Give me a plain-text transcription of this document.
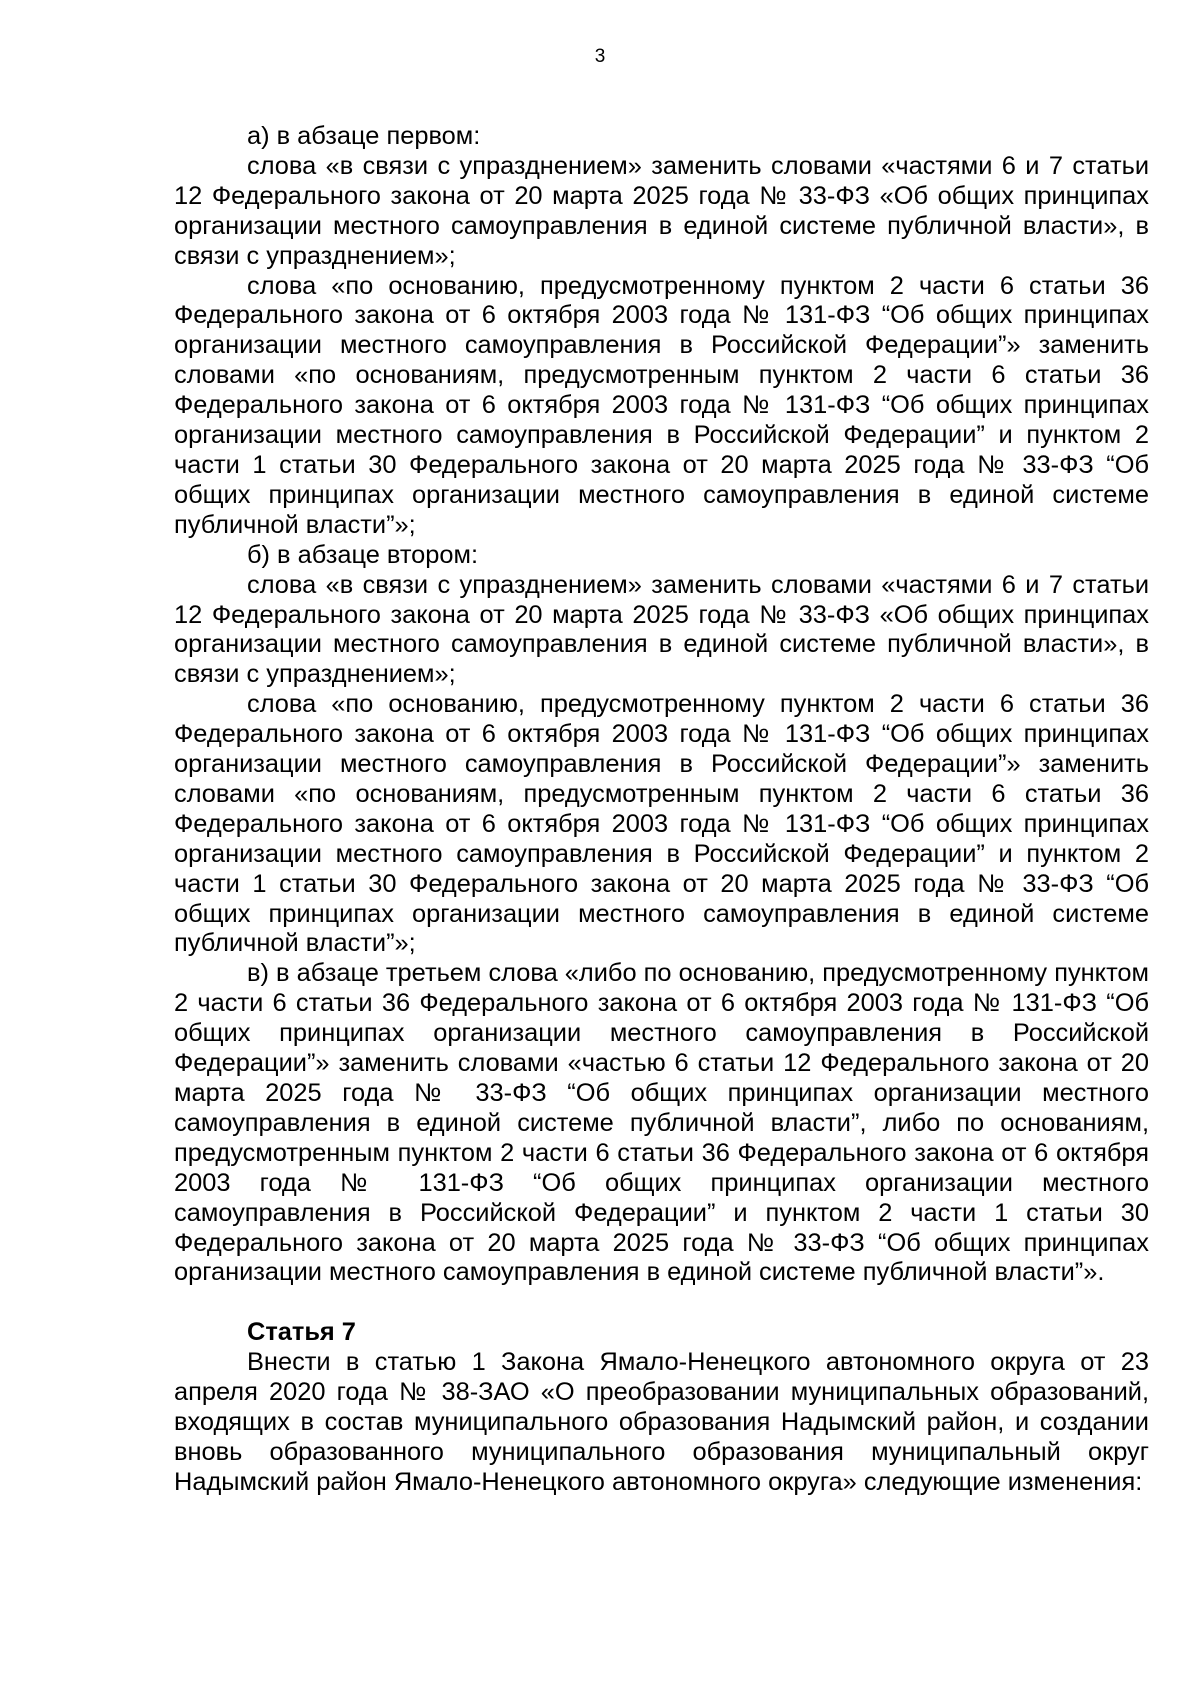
3

а) в абзаце первом:

слова «в связи с упразднением» заменить словами «частями 6 и 7 статьи 12 Федерального закона от 20 марта 2025 года № 33-ФЗ «Об общих принципах организации местного самоуправления в единой системе публичной власти», в связи с упразднением»;

слова «по основанию, предусмотренному пунктом 2 части 6 статьи 36 Федерального закона от 6 октября 2003 года № 131-ФЗ “Об общих принципах организации местного самоуправления в Российской Федерации”» заменить словами «по основаниям, предусмотренным пунктом 2 части 6 статьи 36 Федерального закона от 6 октября 2003 года № 131-ФЗ “Об общих принципах организации местного самоуправления в Российской Федерации” и пунктом 2 части 1 статьи 30 Федерального закона от 20 марта 2025 года № 33-ФЗ “Об общих принципах организации местного самоуправления в единой системе публичной власти”»;

б) в абзаце втором:

слова «в связи с упразднением» заменить словами «частями 6 и 7 статьи 12 Федерального закона от 20 марта 2025 года № 33-ФЗ «Об общих принципах организации местного самоуправления в единой системе публичной власти», в связи с упразднением»;

слова «по основанию, предусмотренному пунктом 2 части 6 статьи 36 Федерального закона от 6 октября 2003 года № 131-ФЗ “Об общих принципах организации местного самоуправления в Российской Федерации”» заменить словами «по основаниям, предусмотренным пунктом 2 части 6 статьи 36 Федерального закона от 6 октября 2003 года № 131-ФЗ “Об общих принципах организации местного самоуправления в Российской Федерации” и пунктом 2 части 1 статьи 30 Федерального закона от 20 марта 2025 года № 33-ФЗ “Об общих принципах организации местного самоуправления в единой системе публичной власти”»;

в) в абзаце третьем слова «либо по основанию, предусмотренному пунктом 2 части 6 статьи 36 Федерального закона от 6 октября 2003 года № 131-ФЗ “Об общих принципах организации местного самоуправления в Российской Федерации”» заменить словами «частью 6 статьи 12 Федерального закона от 20 марта 2025 года № 33-ФЗ “Об общих принципах организации местного самоуправления в единой системе публичной власти”, либо по основаниям, предусмотренным пунктом 2 части 6 статьи 36 Федерального закона от 6 октября 2003 года № 131-ФЗ “Об общих принципах организации местного самоуправления в Российской Федерации” и пунктом 2 части 1 статьи 30 Федерального закона от 20 марта 2025 года № 33-ФЗ “Об общих принципах организации местного самоуправления в единой системе публичной власти”».

Статья 7

Внести в статью 1 Закона Ямало-Ненецкого автономного округа от 23 апреля 2020 года № 38-ЗАО «О преобразовании муниципальных образований, входящих в состав муниципального образования Надымский район, и создании вновь образованного муниципального образования муниципальный округ Надымский район Ямало-Ненецкого автономного округа» следующие изменения:
